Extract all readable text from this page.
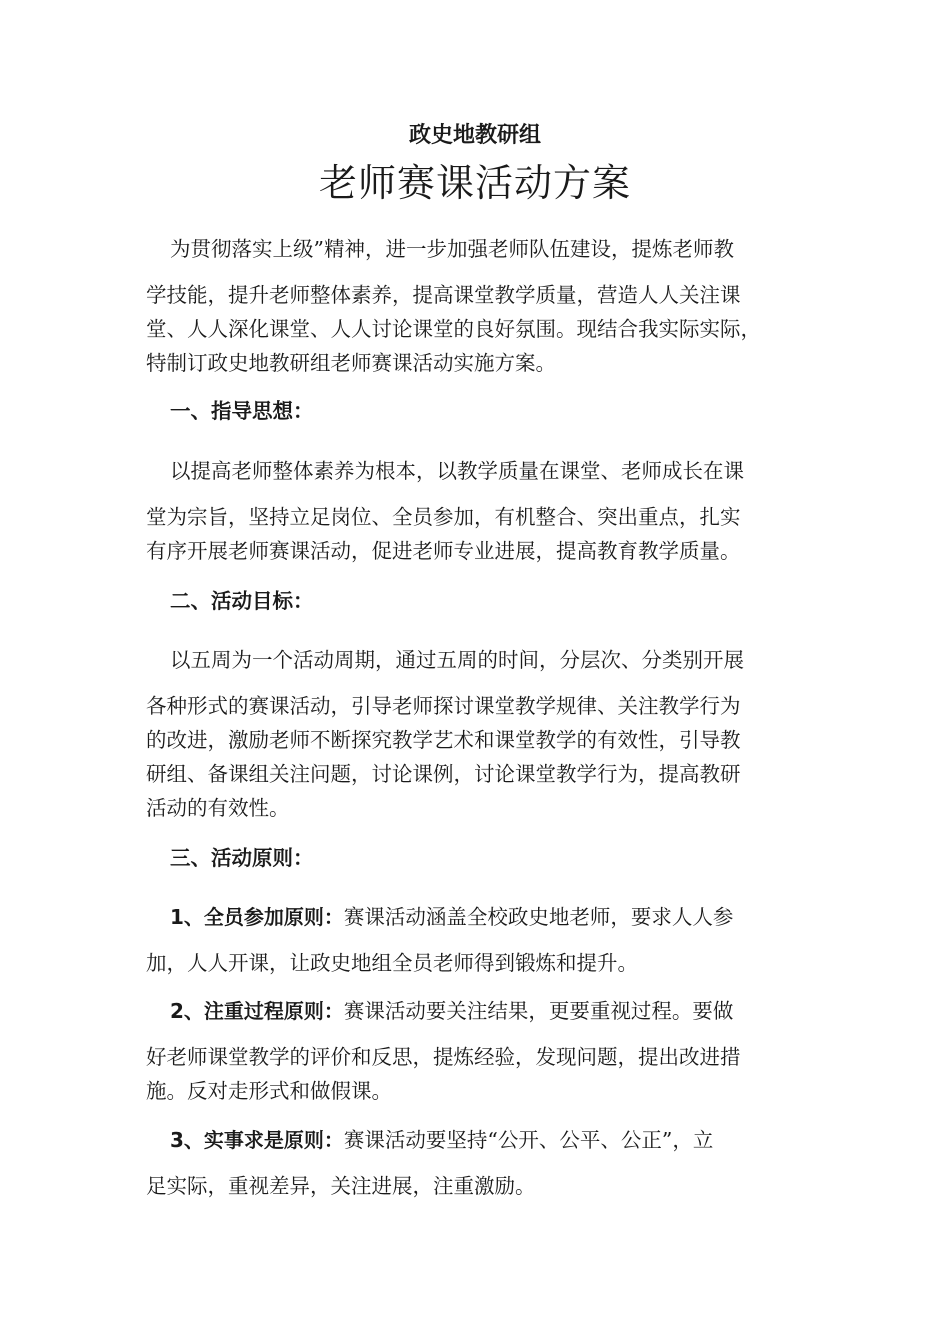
政史地教研组
老师赛课活动方案

为贯彻落实上级”精神，进一步加强老师队伍建设，提炼老师教

学技能，提升老师整体素养，提高课堂教学质量，营造人人关注课

堂、人人深化课堂、人人讨论课堂的良好氛围。现结合我实际实际，

特制订政史地教研组老师赛课活动实施方案。

一、指导思想：

以提高老师整体素养为根本，以教学质量在课堂、老师成长在课

堂为宗旨，坚持立足岗位、全员参加，有机整合、突出重点，扎实

有序开展老师赛课活动，促进老师专业进展，提高教育教学质量。

二、活动目标：

以五周为一个活动周期，通过五周的时间，分层次、分类别开展

各种形式的赛课活动，引导老师探讨课堂教学规律、关注教学行为

的改进，激励老师不断探究教学艺术和课堂教学的有效性，引导教

研组、备课组关注问题，讨论课例，讨论课堂教学行为，提高教研

活动的有效性。

三、活动原则：

1、全员参加原则：赛课活动涵盖全校政史地老师，要求人人参

加，人人开课，让政史地组全员老师得到锻炼和提升。

2、注重过程原则：赛课活动要关注结果，更要重视过程。要做

好老师课堂教学的评价和反思，提炼经验，发现问题，提出改进措

施。反对走形式和做假课。

3、实事求是原则：赛课活动要坚持“公开、公平、公正”，立

足实际，重视差异，关注进展，注重激励。
